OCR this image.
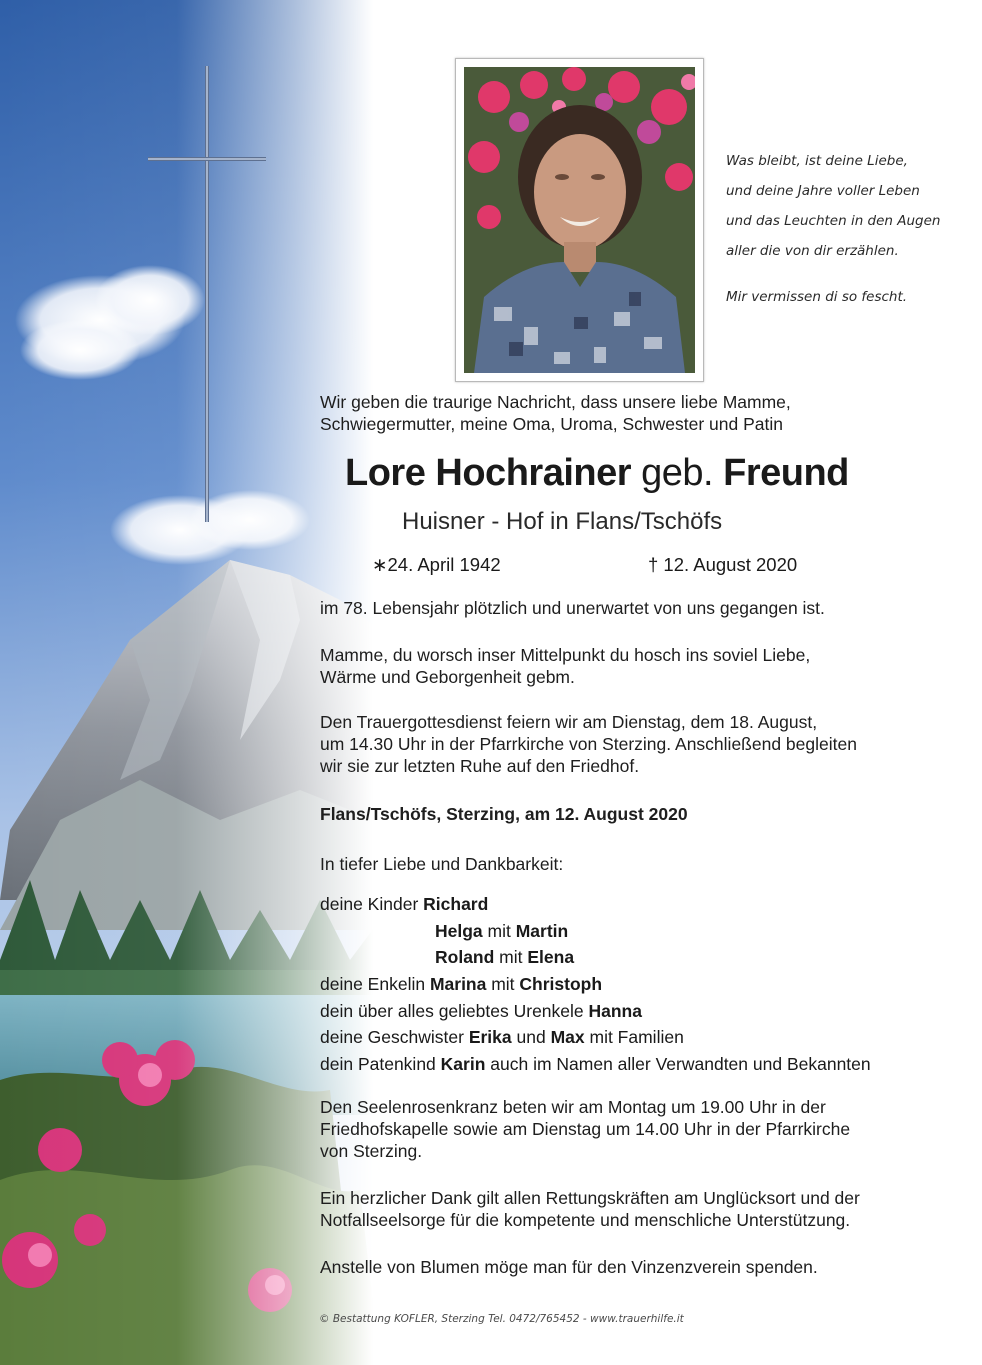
Was bleibt, ist deine Liebe,
und deine Jahre voller Leben
und das Leuchten in den Augen
aller die von dir erzählen.
Mir vermissen di so fescht.
Wir geben die traurige Nachricht, dass unsere liebe Mamme,
Schwiegermutter, meine Oma, Uroma, Schwester und Patin
Lore Hochrainer geb. Freund
Huisner - Hof in Flans/Tschöfs
∗24. April 1942	† 12. August 2020
im 78. Lebensjahr plötzlich und unerwartet von uns gegangen ist.
Mamme, du worsch inser Mittelpunkt du hosch ins soviel Liebe,
Wärme und Geborgenheit gebm.
Den Trauergottesdienst feiern wir am Dienstag, dem 18. August,
um 14.30 Uhr in der Pfarrkirche von Sterzing. Anschließend begleiten
wir sie zur letzten Ruhe auf den Friedhof.
Flans/Tschöfs, Sterzing, am 12. August 2020
In tiefer Liebe und Dankbarkeit:
deine Kinder Richard
Helga mit Martin
Roland mit Elena
deine Enkelin Marina mit Christoph
dein über alles geliebtes Urenkele Hanna
deine Geschwister Erika und Max mit Familien
dein Patenkind Karin auch im Namen aller Verwandten und Bekannten
Den Seelenrosenkranz beten wir am Montag um 19.00 Uhr in der
Friedhofskapelle sowie am Dienstag um 14.00 Uhr in der Pfarrkirche
von Sterzing.
Ein herzlicher Dank gilt allen Rettungskräften am Unglücksort und der
Notfallseelsorge für die kompetente und menschliche Unterstützung.
Anstelle von Blumen möge man für den Vinzenzverein spenden.
© Bestattung KOFLER, Sterzing Tel. 0472/765452 - www.trauerhilfe.it
